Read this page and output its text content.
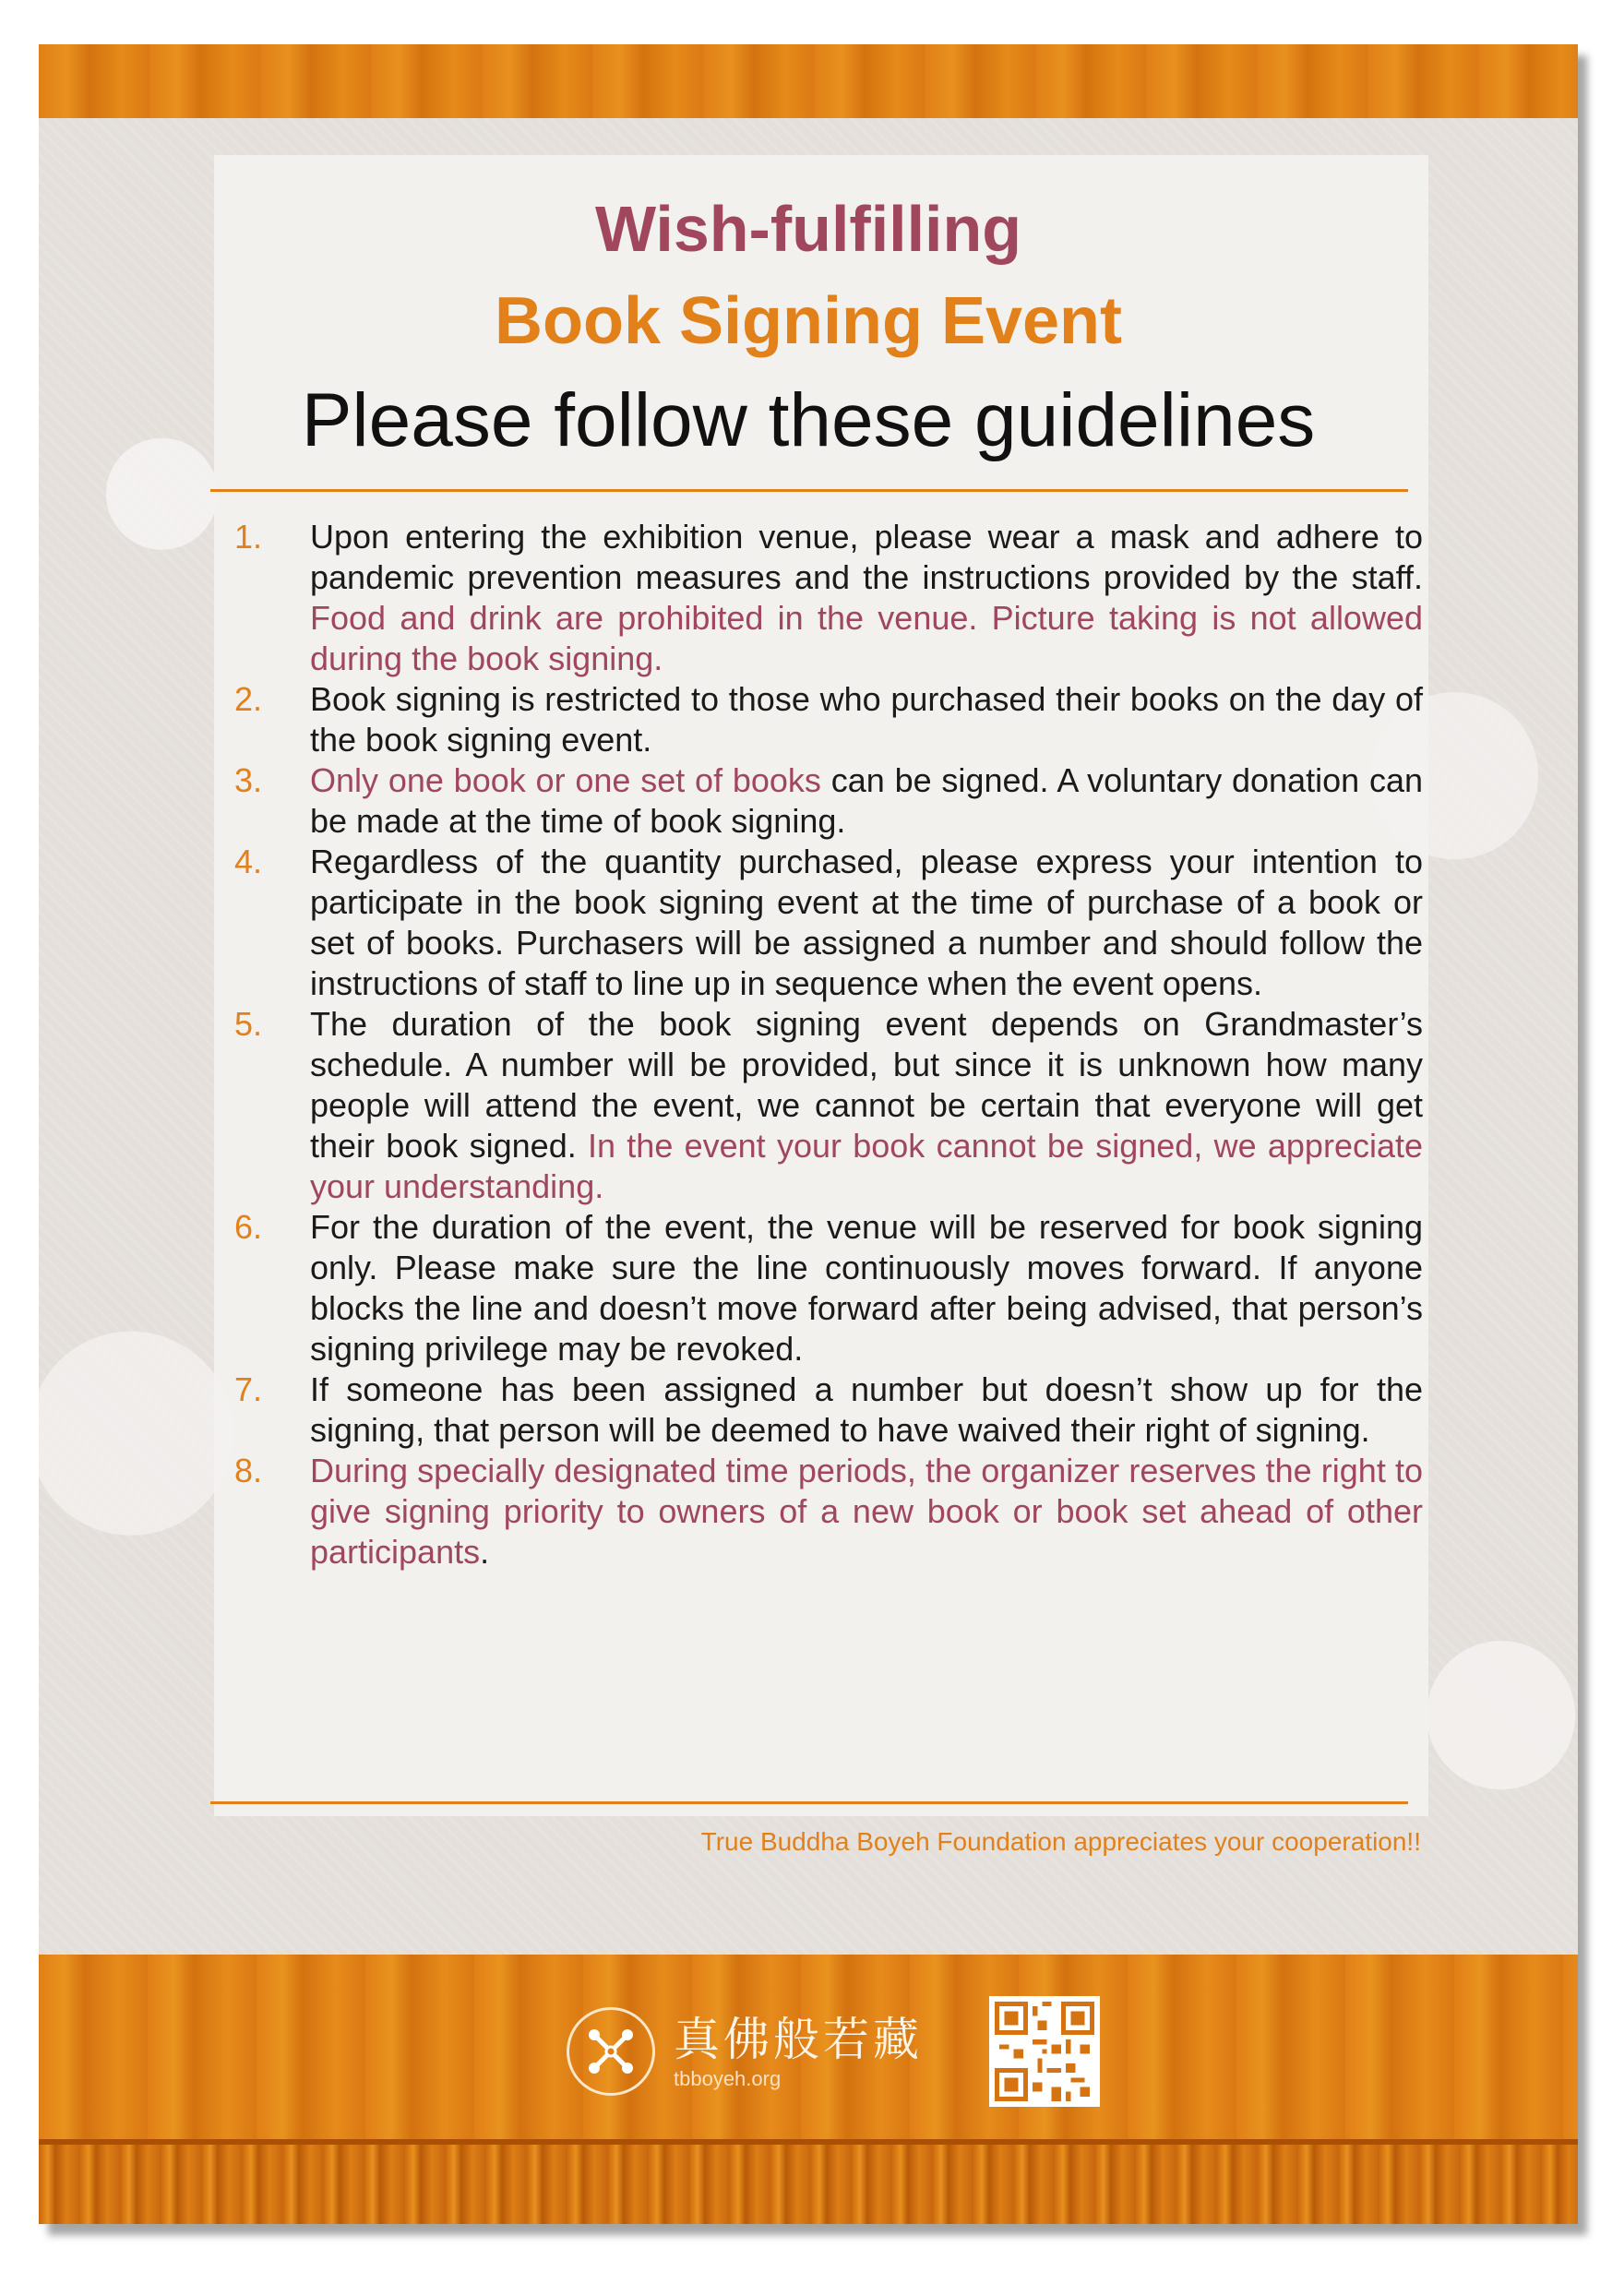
Wish-fulfilling
Book Signing Event
Please follow these guidelines
1.	Upon entering the exhibition venue, please wear a mask and adhere to pandemic prevention measures and the instructions provided by the staff. Food and drink are prohibited in the venue. Picture taking is not allowed during the book signing.
2.	Book signing is restricted to those who purchased their books on the day of the book signing event.
3.	Only one book or one set of books can be signed. A voluntary donation can be made at the time of book signing.
4.	Regardless of the quantity purchased, please express your intention to participate in the book signing event at the time of purchase of a book or set of books. Purchasers will be assigned a number and should follow the instructions of staff to line up in sequence when the event opens.
5.	The duration of the book signing event depends on Grandmaster’s schedule. A number will be provided, but since it is unknown how many people will attend the event, we cannot be certain that everyone will get their book signed. In the event your book cannot be signed, we appreciate your understanding.
6.	For the duration of the event, the venue will be reserved for book signing only. Please make sure the line continuously moves forward. If anyone blocks the line and doesn’t move forward after being advised, that person’s signing privilege may be revoked.
7.	If someone has been assigned a number but doesn’t show up for the signing, that person will be deemed to have waived their right of signing.
8.	During specially designated time periods, the organizer reserves the right to give signing priority to owners of a new book or book set ahead of other participants.
True Buddha Boyeh Foundation appreciates your cooperation!!
真佛般若藏
tbboyeh.org
